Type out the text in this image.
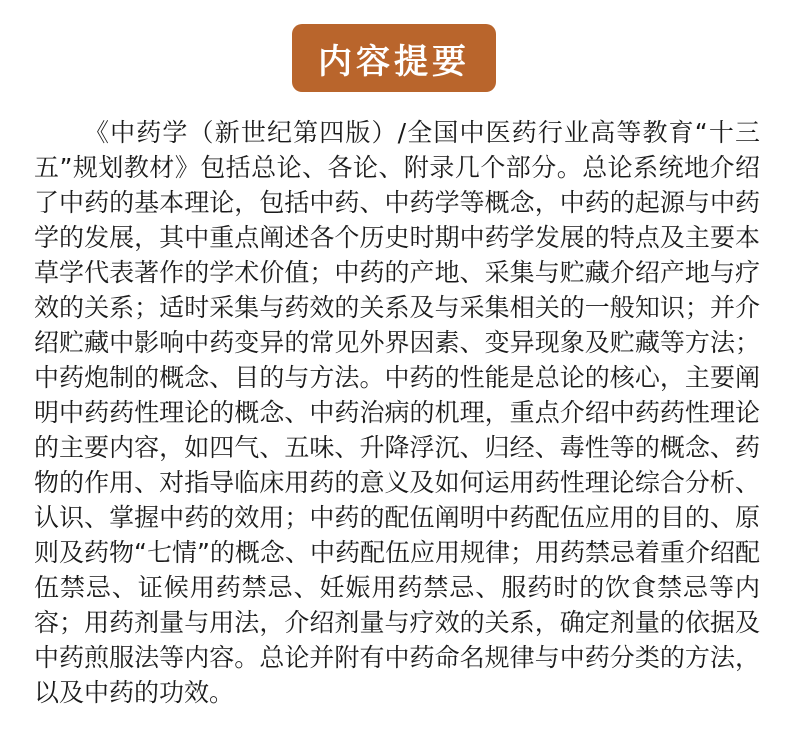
内容提要

《中药学（新世纪第四版）/全国中医药行业高等教育“十三五”规划教材》包括总论、各论、附录几个部分。总论系统地介绍了中药的基本理论，包括中药、中药学等概念，中药的起源与中药学的发展，其中重点阐述各个历史时期中药学发展的特点及主要本草学代表著作的学术价值；中药的产地、采集与贮藏介绍产地与疗效的关系；适时采集与药效的关系及与采集相关的一般知识；并介绍贮藏中影响中药变异的常见外界因素、变异现象及贮藏等方法；中药炮制的概念、目的与方法。中药的性能是总论的核心，主要阐明中药药性理论的概念、中药治病的机理，重点介绍中药药性理论的主要内容，如四气、五味、升降浮沉、归经、毒性等的概念、药物的作用、对指导临床用药的意义及如何运用药性理论综合分析、认识、掌握中药的效用；中药的配伍阐明中药配伍应用的目的、原则及药物“七情”的概念、中药配伍应用规律；用药禁忌着重介绍配伍禁忌、证候用药禁忌、妊娠用药禁忌、服药时的饮食禁忌等内容；用药剂量与用法，介绍剂量与疗效的关系，确定剂量的依据及中药煎服法等内容。总论并附有中药命名规律与中药分类的方法，以及中药的功效。
